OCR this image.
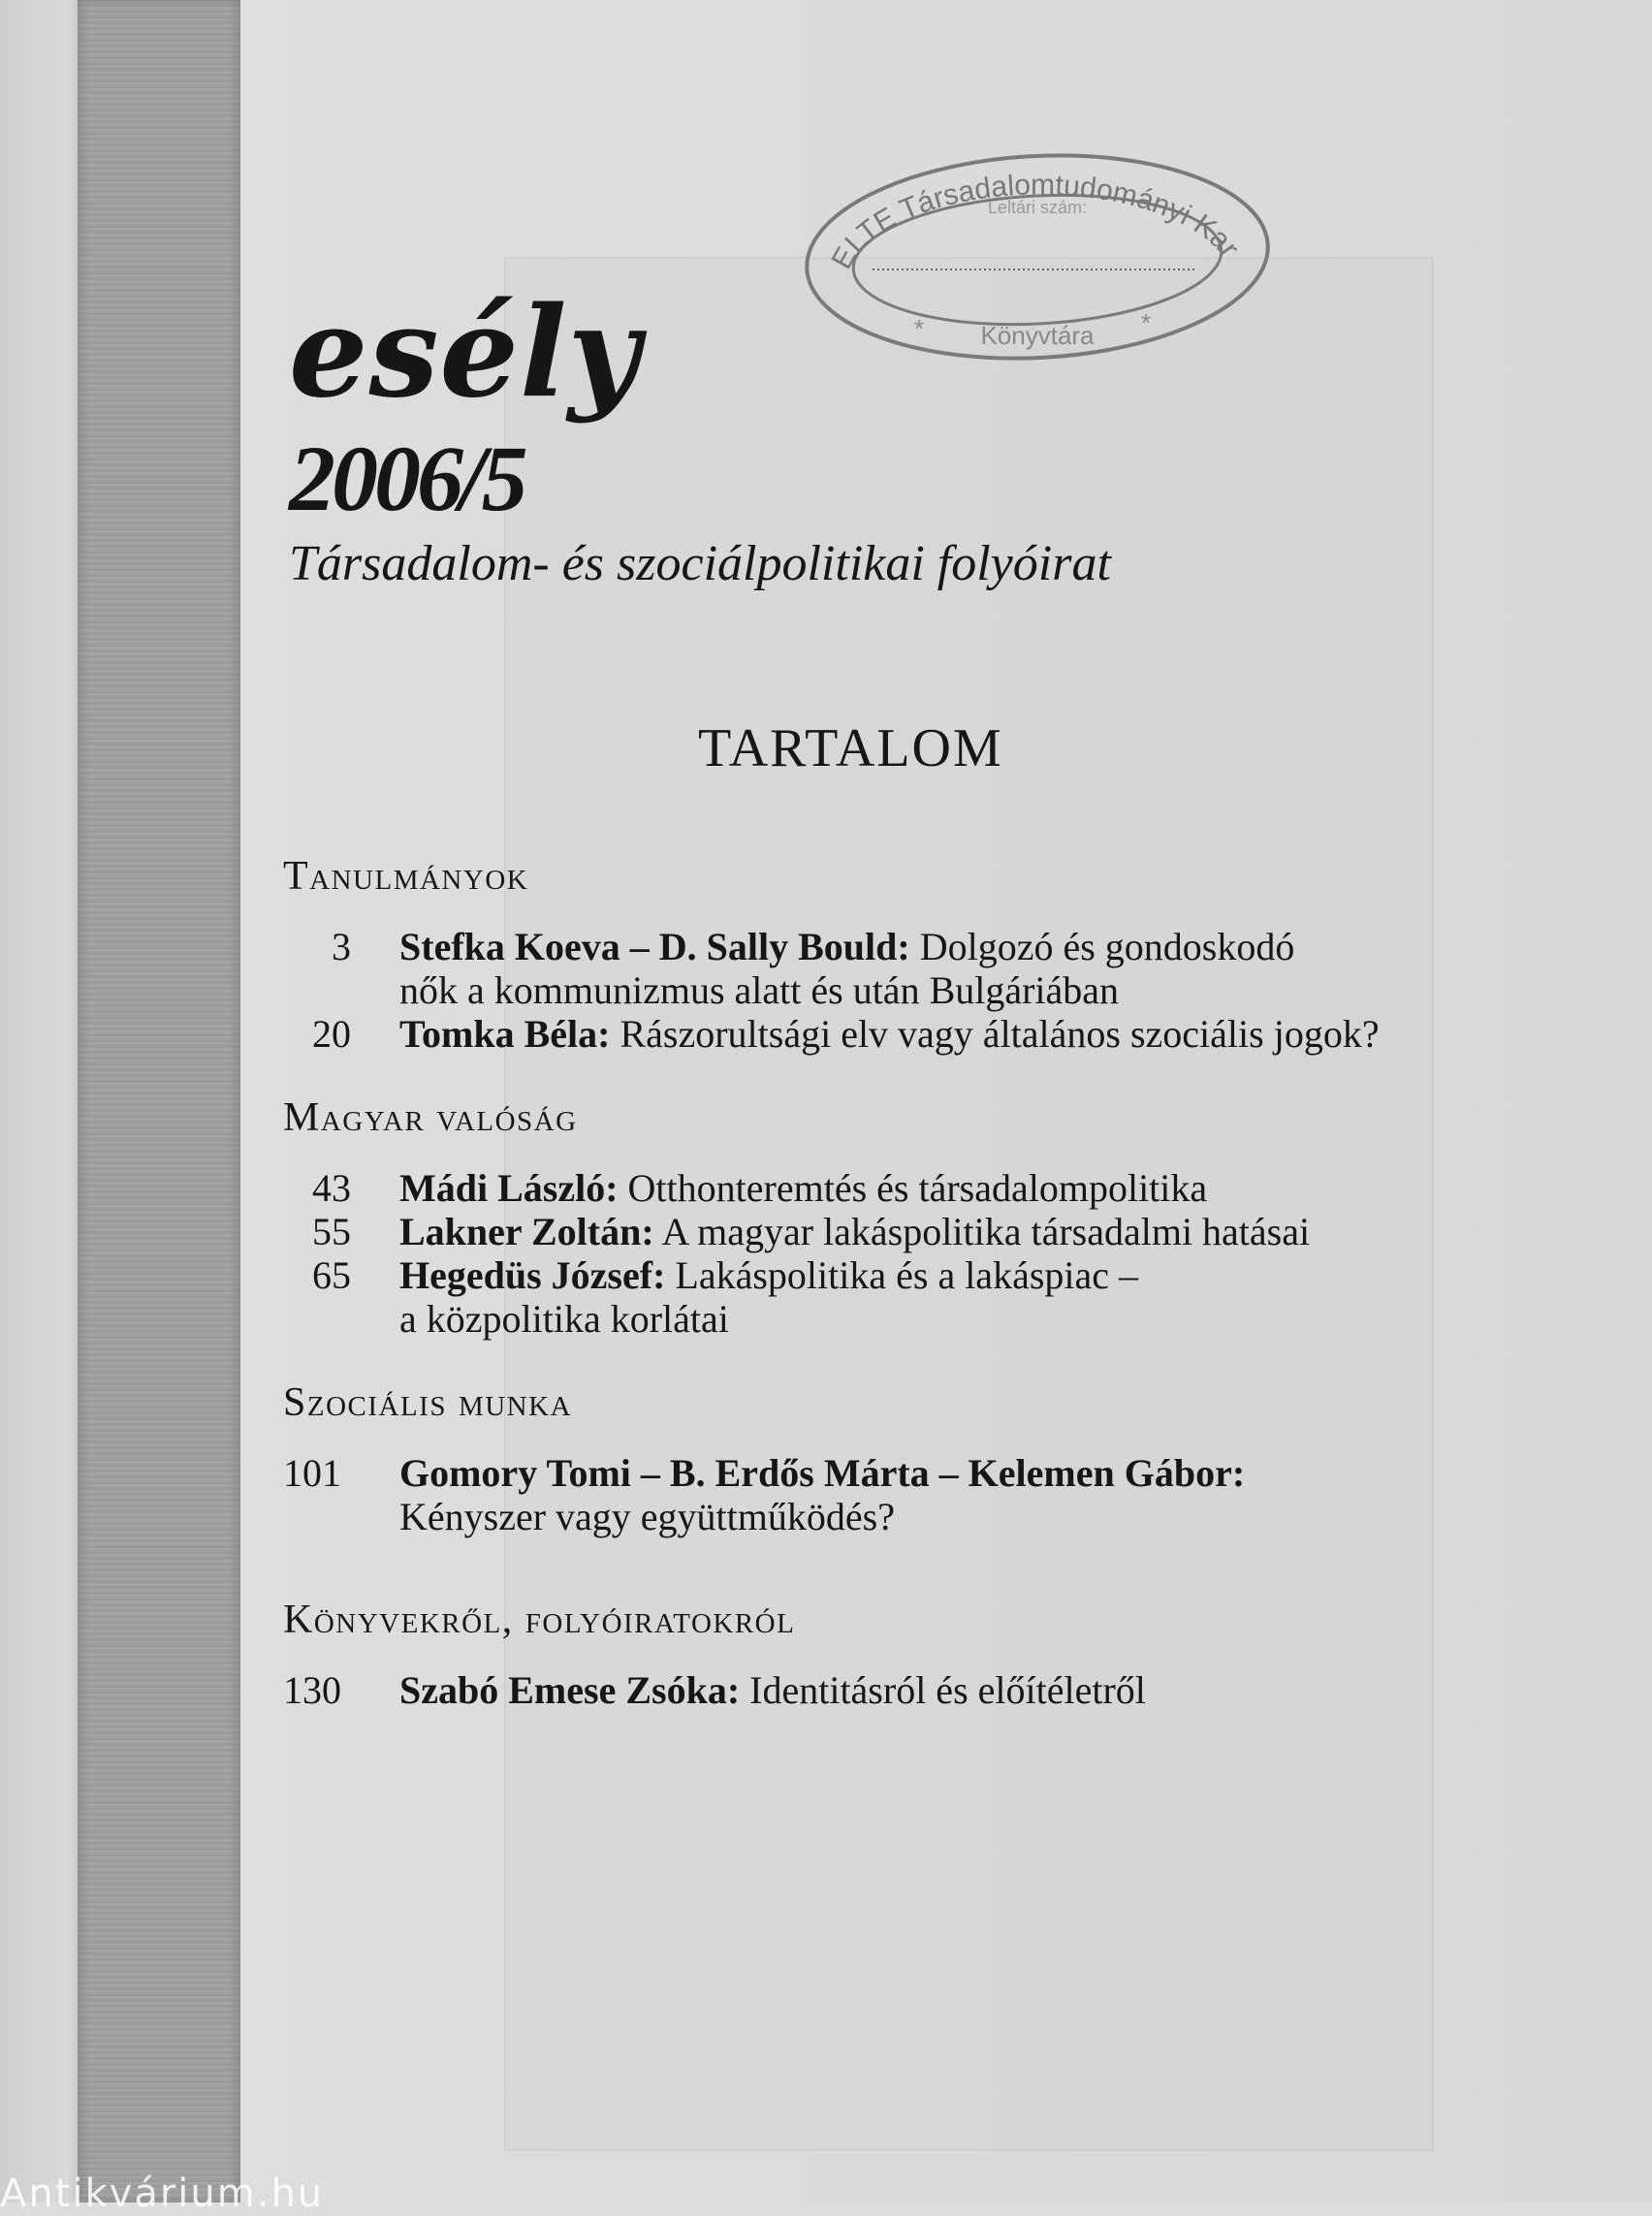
ELTE Társadalomtudományi Kar
Leltári szám:
Könyvtára
*	*
esély
2006/5
Társadalom- és szociálpolitikai folyóirat
TARTALOM
Tanulmányok
3 Stefka Koeva – D. Sally Bould: Dolgozó és gondoskodó
nők a kommunizmus alatt és után Bulgáriában
20 Tomka Béla: Rászorultsági elv vagy általános szociális jogok?
Magyar valóság
43 Mádi László: Otthonteremtés és társadalompolitika
55 Lakner Zoltán: A magyar lakáspolitika társadalmi hatásai
65 Hegedüs József: Lakáspolitika és a lakáspiac –
a közpolitika korlátai
Szociális munka
101	Gomory Tomi – B. Erdős Márta – Kelemen Gábor:
Kényszer vagy együttműködés?
Könyvekről, folyóiratokról
130	Szabó Emese Zsóka: Identitásról és előítéletről
Antikvárium.hu
